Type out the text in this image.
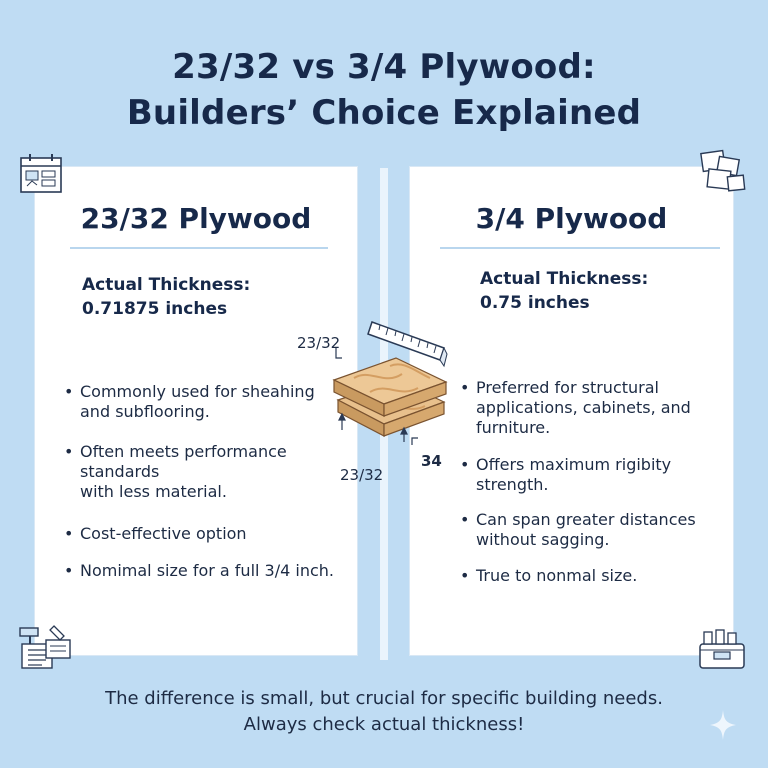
23/32 vs 3/4 Plywood:
Builders’ Choice Explained
23/32 Plywood
Actual Thickness:
0.71875 inches
• Commonly used for sheahing
and subflooring.
• Often meets performance
standards
with less material.
• Cost-effective option
• Nomimal size for a full 3/4 inch.
3/4 Plywood
Actual Thickness:
0.75 inches
• Preferred for structural
applications, cabinets, and
furniture.
• Offers maximum rigibity
strength.
• Can span greater distances
without sagging.
• True to nonmal size.
23/32
23/32
34
The difference is small, but crucial for specific building needs.
Always check actual thickness!
